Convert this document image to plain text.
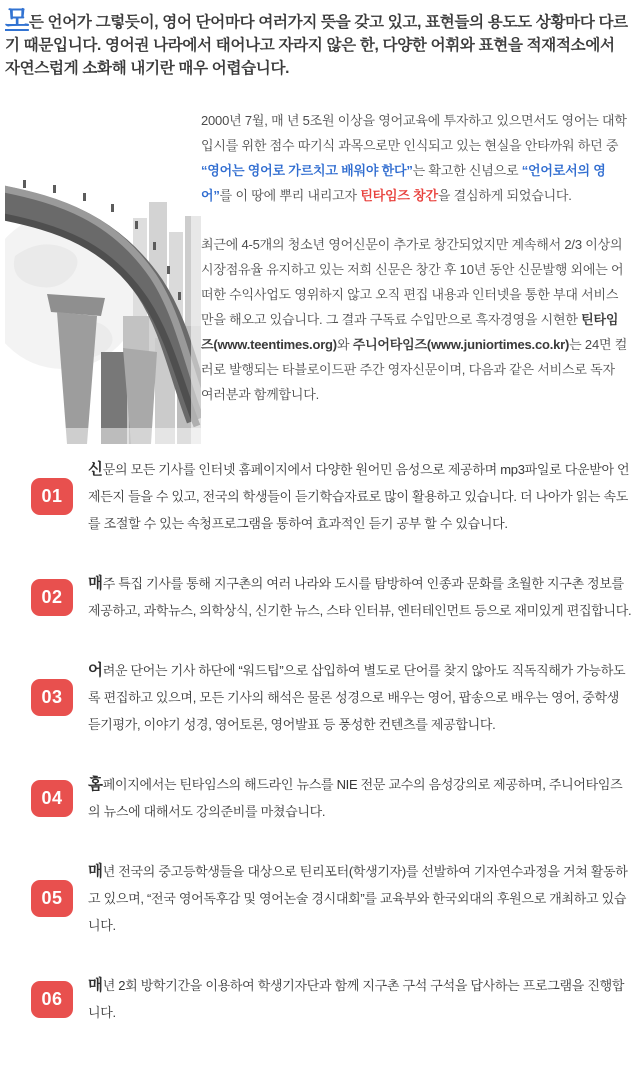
모든 언어가 그렇듯이, 영어 단어마다 여러가지 뜻을 갖고 있고, 표현들의 용도도 상황마다 다르기 때문입니다. 영어권 나라에서 태어나고 자라지 않은 한, 다양한 어휘와 표현을 적재적소에서 자연스럽게 소화해 내기란 매우 어렵습니다.

2000년 7월, 매 년 5조원 이상을 영어교육에 투자하고 있으면서도 영어는 대학입시를 위한 점수 따기식 과목으로만 인식되고 있는 현실을 안타까워 하던 중 “영어는 영어로 가르치고 배워야 한다”는 확고한 신념으로 “언어로서의 영어”를 이 땅에 뿌리 내리고자 틴타임즈 창간을 결심하게 되었습니다.

최근에 4-5개의 청소년 영어신문이 추가로 창간되었지만 계속해서 2/3 이상의 시장점유율 유지하고 있는 저희 신문은 창간 후 10년 동안 신문발행 외에는 어떠한 수익사업도 영위하지 않고 오직 편집 내용과 인터넷을 통한 부대 서비스만을 해오고 있습니다. 그 결과 구독료 수입만으로 흑자경영을 시현한 틴타임즈(www.teentimes.org)와 주니어타임즈(www.juniortimes.co.kr)는 24면 컬러로 발행되는 타블로이드판 주간 영자신문이며, 다음과 같은 서비스로 독자 여러분과 함께합니다.

01

신문의 모든 기사를 인터넷 홈페이지에서 다양한 원어민 음성으로 제공하며 mp3파일로 다운받아 언제든지 들을 수 있고, 전국의 학생들이 듣기학습자료로 많이 활용하고 있습니다. 더 나아가 읽는 속도를 조절할 수 있는 속청프로그램을 통하여 효과적인 듣기 공부 할 수 있습니다.

02

매주 특집 기사를 통해 지구촌의 여러 나라와 도시를 탐방하여 인종과 문화를 초월한 지구촌 정보를 제공하고, 과학뉴스, 의학상식, 신기한 뉴스, 스타 인터뷰, 엔터테인먼트 등으로 재미있게 편집합니다.

03

어려운 단어는 기사 하단에 “워드팁”으로 삽입하여 별도로 단어를 찾지 않아도 직독직해가 가능하도록 편집하고 있으며, 모든 기사의 해석은 물론 성경으로 배우는 영어, 팝송으로 배우는 영어, 중학생 듣기평가, 이야기 성경, 영어토론, 영어발표 등 풍성한 컨텐츠를 제공합니다.

04

홈페이지에서는 틴타임스의 해드라인 뉴스를 NIE 전문 교수의 음성강의로 제공하며, 주니어타임즈의 뉴스에 대해서도 강의준비를 마쳤습니다.

05

매년 전국의 중고등학생들을 대상으로 틴리포터(학생기자)를 선발하여 기자연수과정을 거쳐 활동하고 있으며, “전국 영어독후감 및 영어논술 경시대회”를 교육부와 한국외대의 후원으로 개최하고 있습니다.

06

매년 2회 방학기간을 이용하여 학생기자단과 함께 지구촌 구석 구석을 답사하는 프로그램을 진행합니다.
